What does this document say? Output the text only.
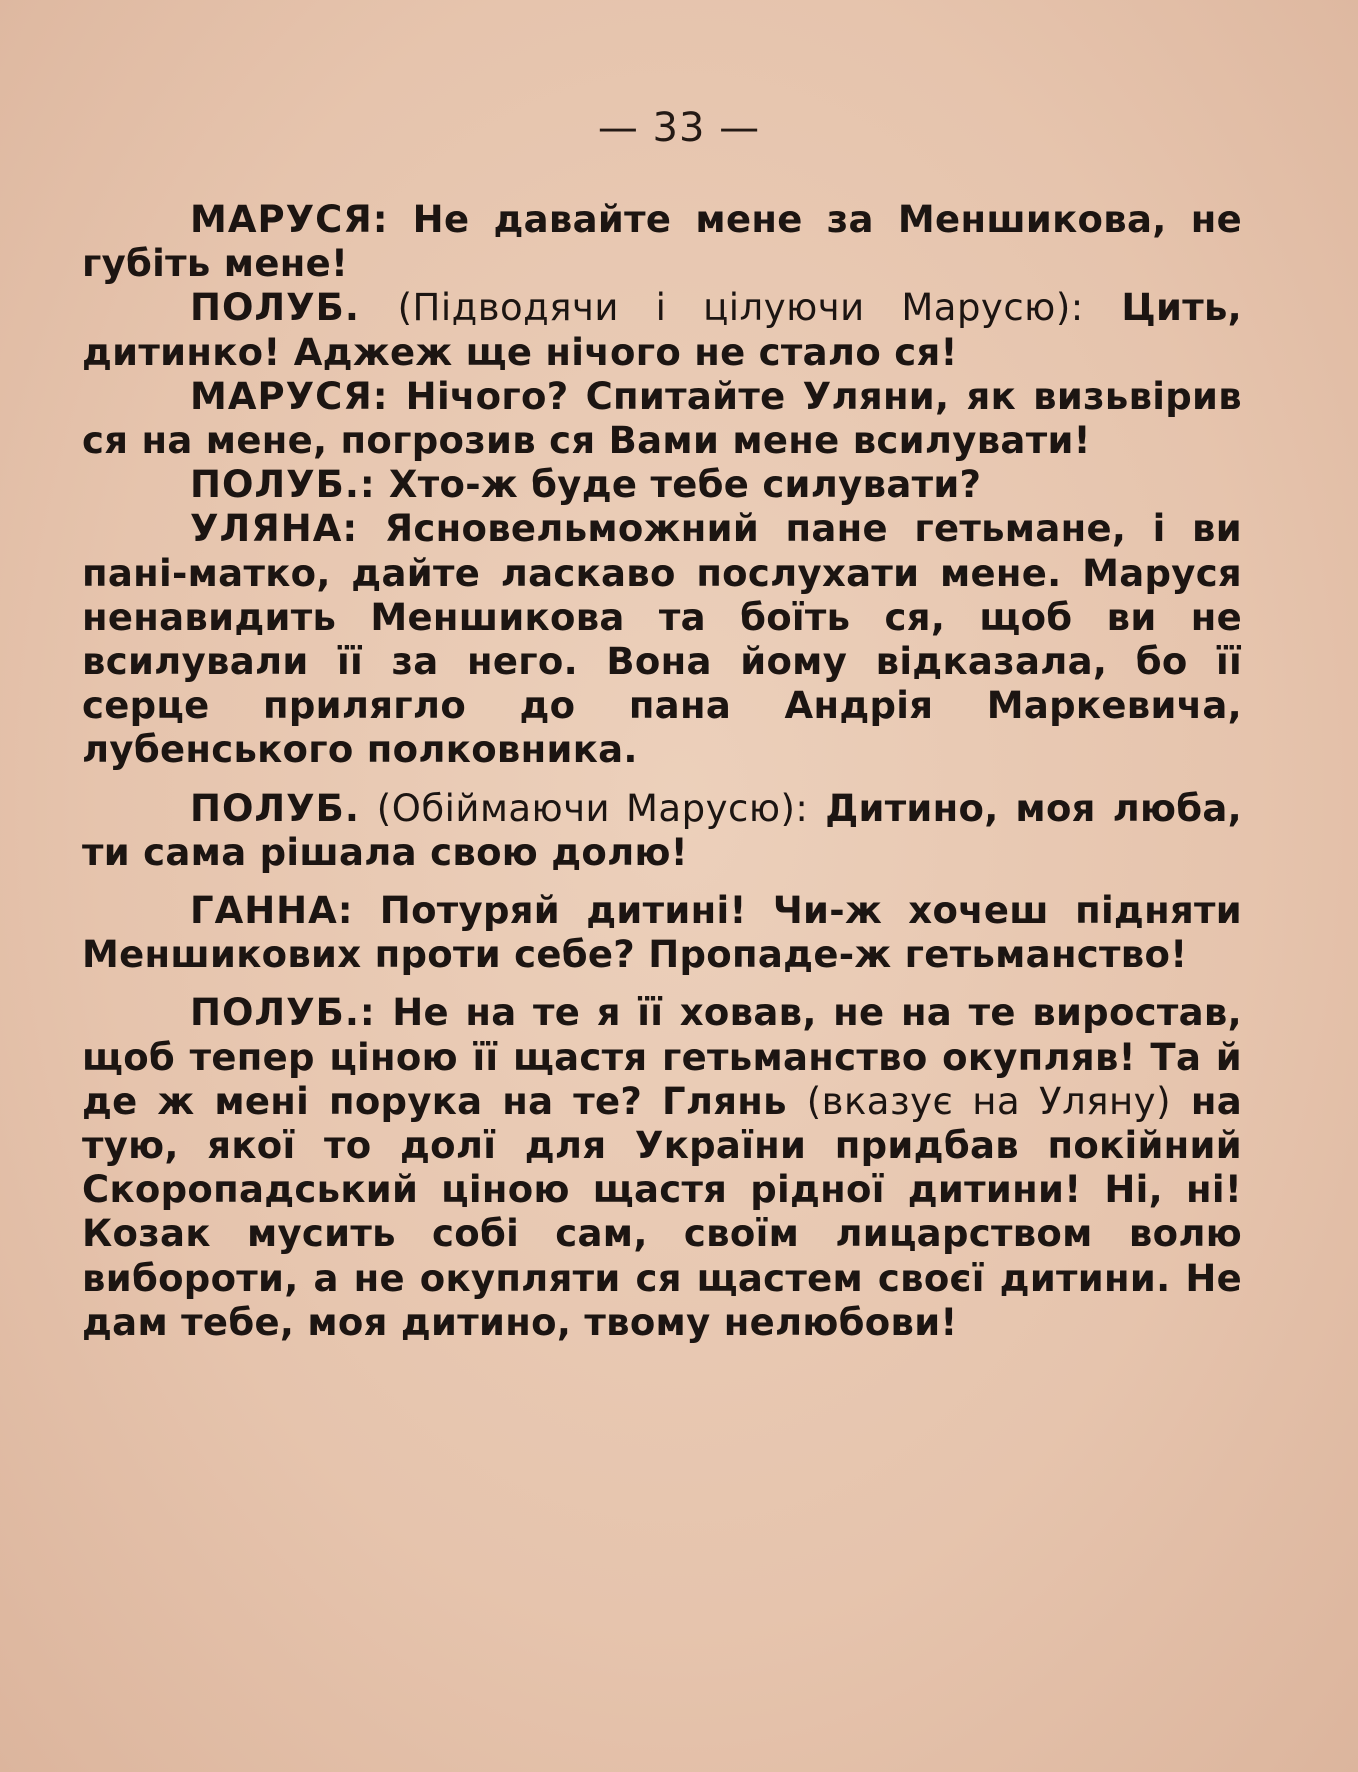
— 33 —

МАРУСЯ: Не давайте мене за Меншикова, не губіть мене!

ПОЛУБ. (Підводячи і цілуючи Марусю): Цить, дитинко! Аджеж ще нічого не стало ся!

МАРУСЯ: Нічого? Спитайте Уляни, як визьвірив ся на мене, погрозив ся Вами мене всилувати!

ПОЛУБ.: Хто-ж буде тебе силувати?

УЛЯНА: Ясновельможний пане гетьмане, і ви пані-матко, дайте ласкаво послухати мене. Маруся ненавидить Меншикова та боїть ся, щоб ви не всилували її за него. Вона йому відказала, бо її серце прилягло до пана Андрія Маркевича, лубенського полковника.

ПОЛУБ. (Обіймаючи Марусю): Дитино, моя люба, ти сама рішала свою долю!

ГАННА: Потуряй дитині! Чи-ж хочеш підняти Меншикових проти себе? Пропаде-ж гетьманство!

ПОЛУБ.: Не на те я її ховав, не на те виростав, щоб тепер ціною її щастя гетьманство окупляв! Та й де ж мені порука на те? Глянь (вказує на Уляну) на тую, якої то долї для України придбав покійний Скоропадський ціною щастя рідної дитини! Ні, ні! Козак мусить собі сам, своїм лицарством волю виборoти, а не окупляти ся щастем своєї дитини. Не дам тебе, моя дитино, твому нелюбови!
